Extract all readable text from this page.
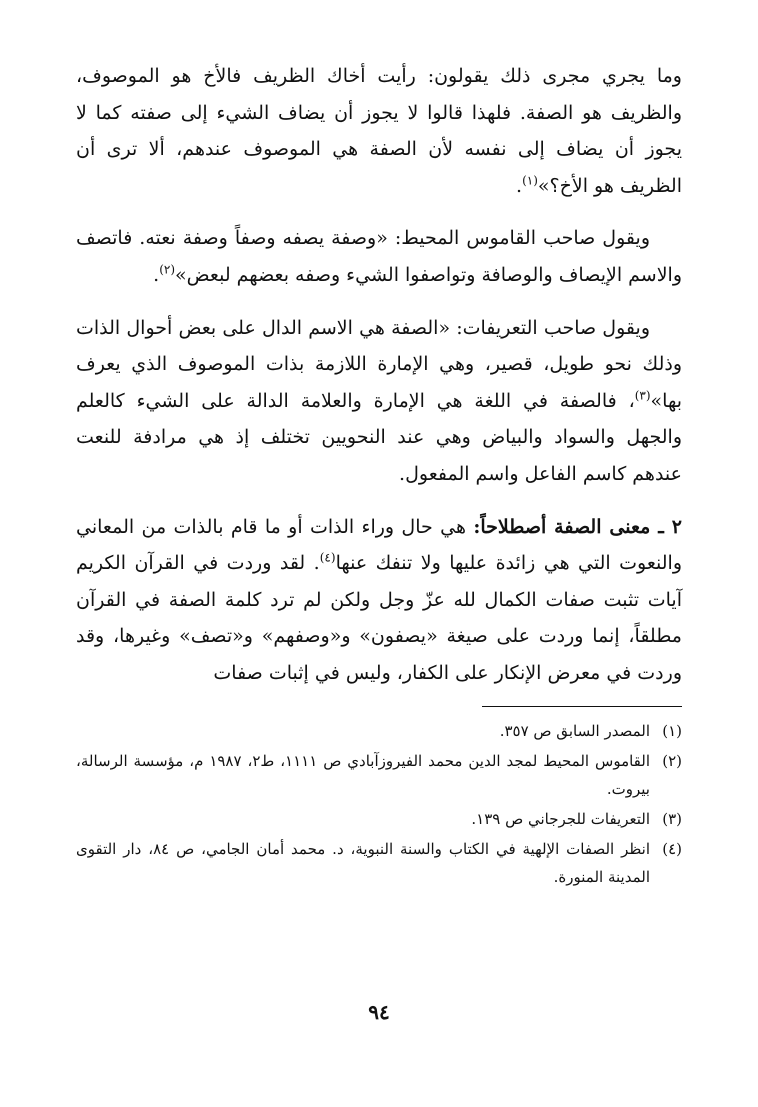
وما يجري مجرى ذلك يقولون: رأيت أخاك الظريف فالأخ هو الموصوف، والظريف هو الصفة. فلهذا قالوا لا يجوز أن يضاف الشيء إلى صفته كما لا يجوز أن يضاف إلى نفسه لأن الصفة هي الموصوف عندهم، ألا ترى أن الظريف هو الأخ؟»$^{(١)}$.

ويقول صاحب القاموس المحيط: «وصفة يصفه وصفاً وصفة نعته. فاتصف والاسم الإيصاف والوصافة وتواصفوا الشيء وصفه بعضهم لبعض»$^{(٢)}$.

ويقول صاحب التعريفات: «الصفة هي الاسم الدال على بعض أحوال الذات وذلك نحو طويل، قصير، وهي الإمارة اللازمة بذات الموصوف الذي يعرف بها»$^{(٣)}$، فالصفة في اللغة هي الإمارة والعلامة الدالة على الشيء كالعلم والجهل والسواد والبياض وهي عند النحويين تختلف إذ هي مرادفة للنعت عندهم كاسم الفاعل واسم المفعول.

٢ ـ معنى الصفة أصطلاحاً: هي حال وراء الذات أو ما قام بالذات من المعاني والنعوت التي هي زائدة عليها ولا تنفك عنها$^{(٤)}$. لقد وردت في القرآن الكريم آيات تثبت صفات الكمال لله عزّ وجل ولكن لم ترد كلمة الصفة في القرآن مطلقاً، إنما وردت على صيغة «يصفون» و«وصفهم» و«تصف» وغيرها، وقد وردت في معرض الإنكار على الكفار، وليس في إثبات صفات

(١)
المصدر السابق ص ٣٥٧.
(٢)
القاموس المحيط لمجد الدين محمد الفيروزآبادي ص ١١١١، ط٢، ١٩٨٧ م، مؤسسة الرسالة، بيروت.
(٣)
التعريفات للجرجاني ص ١٣٩.
(٤)
انظر الصفات الإلهية في الكتاب والسنة النبوية، د. محمد أمان الجامي، ص ٨٤، دار التقوى المدينة المنورة.
٩٤
